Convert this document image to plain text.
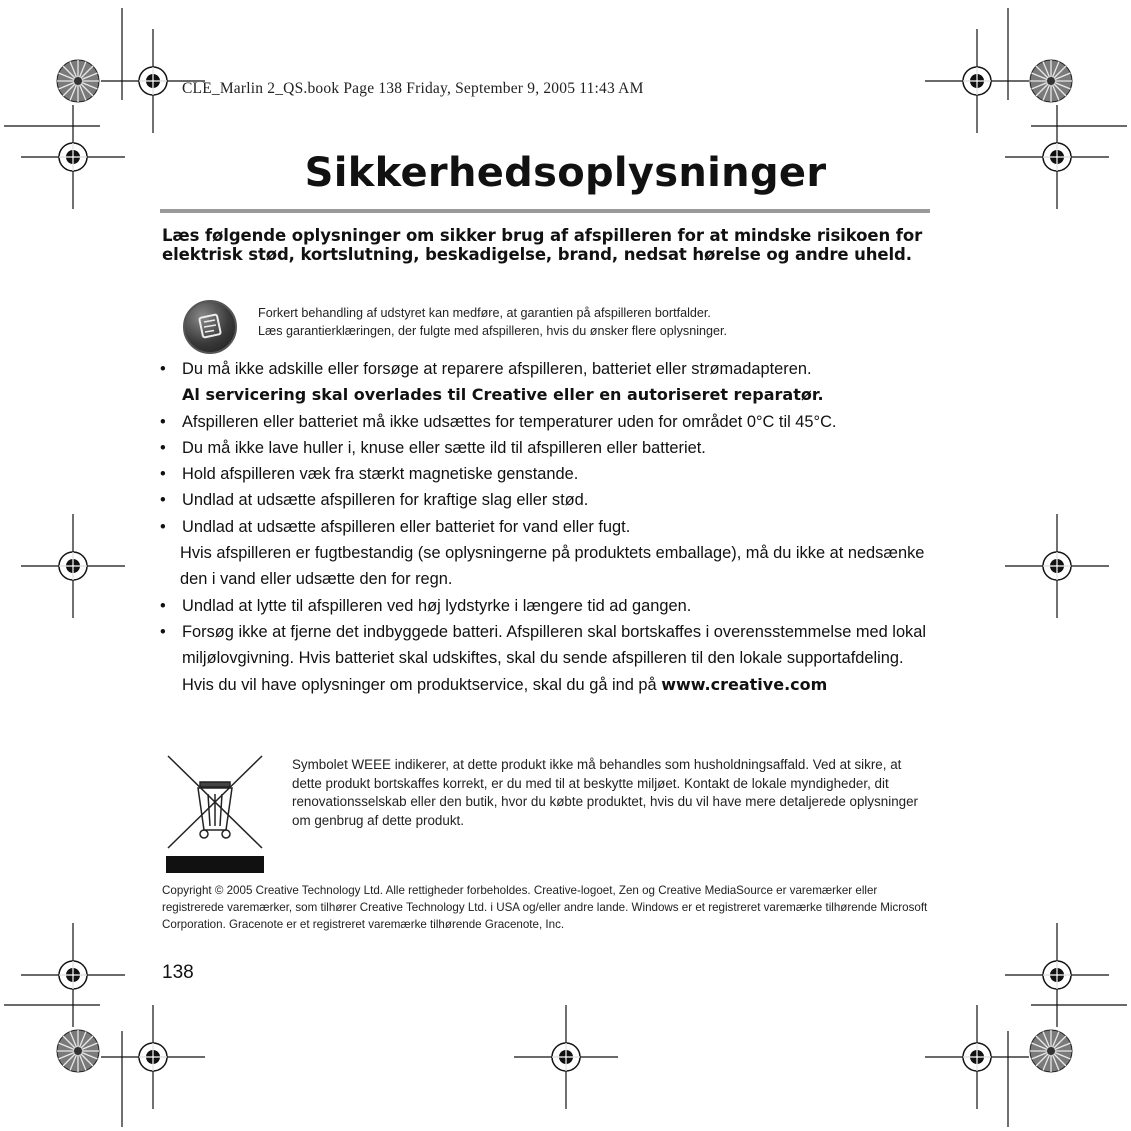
CLE_Marlin 2_QS.book Page 138 Friday, September 9, 2005 11:43 AM
Sikkerhedsoplysninger
Læs følgende oplysninger om sikker brug af afspilleren for at mindske risikoen for elektrisk stød, kortslutning, beskadigelse, brand, nedsat hørelse og andre uheld.
Forkert behandling af udstyret kan medføre, at garantien på afspilleren bortfalder.
Læs garantierklæringen, der fulgte med afspilleren, hvis du ønsker flere oplysninger.
• Du må ikke adskille eller forsøge at reparere afspilleren, batteriet eller strømadapteren.
Al servicering skal overlades til Creative eller en autoriseret reparatør.
• Afspilleren eller batteriet må ikke udsættes for temperaturer uden for området 0°C til 45°C.
• Du må ikke lave huller i, knuse eller sætte ild til afspilleren eller batteriet.
• Hold afspilleren væk fra stærkt magnetiske genstande.
• Undlad at udsætte afspilleren for kraftige slag eller stød.
• Undlad at udsætte afspilleren eller batteriet for vand eller fugt.
Hvis afspilleren er fugtbestandig (se oplysningerne på produktets emballage), må du ikke at nedsænke den i vand eller udsætte den for regn.
• Undlad at lytte til afspilleren ved høj lydstyrke i længere tid ad gangen.
• Forsøg ikke at fjerne det indbyggede batteri. Afspilleren skal bortskaffes i overensstemmelse med lokal miljølovgivning. Hvis batteriet skal udskiftes, skal du sende afspilleren til den lokale supportafdeling. Hvis du vil have oplysninger om produktservice, skal du gå ind på www.creative.com
Symbolet WEEE indikerer, at dette produkt ikke må behandles som husholdningsaffald. Ved at sikre, at dette produkt bortskaffes korrekt, er du med til at beskytte miljøet. Kontakt de lokale myndigheder, dit renovationsselskab eller den butik, hvor du købte produktet, hvis du vil have mere detaljerede oplysninger om genbrug af dette produkt.
Copyright © 2005 Creative Technology Ltd. Alle rettigheder forbeholdes. Creative-logoet, Zen og Creative MediaSource er varemærker eller registrerede varemærker, som tilhører Creative Technology Ltd. i USA og/eller andre lande. Windows er et registreret varemærke tilhørende Microsoft Corporation. Gracenote er et registreret varemærke tilhørende Gracenote, Inc.
138
